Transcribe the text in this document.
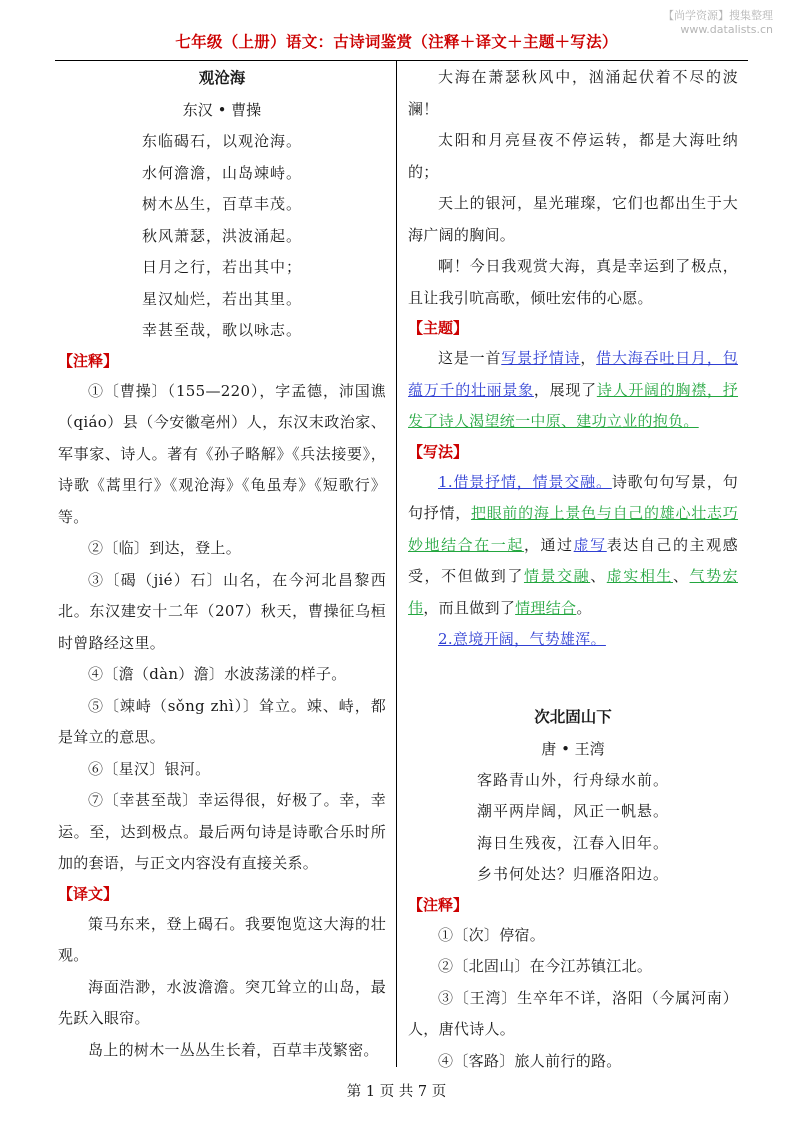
【尚学资源】搜集整理
www.datalists.cn
七年级（上册）语文：古诗词鉴赏（注释＋译文＋主题＋写法）
观沧海
东汉 • 曹操
东临碣石，以观沧海。
水何澹澹，山岛竦峙。
树木丛生，百草丰茂。
秋风萧瑟，洪波涌起。
日月之行，若出其中；
星汉灿烂，若出其里。
幸甚至哉，歌以咏志。
【注释】

①〔曹操〕（155—220），字孟德，沛国谯（qiáo）县（今安徽亳州）人，东汉末政治家、军事家、诗人。著有《孙子略解》《兵法接要》，诗歌《蒿里行》《观沧海》《龟虽寿》《短歌行》等。

②〔临〕到达，登上。

③〔碣（jié）石〕山名，在今河北昌黎西北。东汉建安十二年（207）秋天，曹操征乌桓时曾路经这里。

④〔澹（dàn）澹〕水波荡漾的样子。

⑤〔竦峙（sǒng zhì）〕耸立。竦、峙，都是耸立的意思。

⑥〔星汉〕银河。

⑦〔幸甚至哉〕幸运得很，好极了。幸，幸运。至，达到极点。最后两句诗是诗歌合乐时所加的套语，与正文内容没有直接关系。

【译文】

策马东来，登上碣石。我要饱览这大海的壮观。

海面浩渺，水波澹澹。突兀耸立的山岛，最先跃入眼帘。

岛上的树木一丛丛生长着，百草丰茂繁密。

大海在萧瑟秋风中，汹涌起伏着不尽的波澜！

太阳和月亮昼夜不停运转，都是大海吐纳的；

天上的银河，星光璀璨，它们也都出生于大海广阔的胸间。

啊！今日我观赏大海，真是幸运到了极点，且让我引吭高歌，倾吐宏伟的心愿。

【主题】

这是一首写景抒情诗，借大海吞吐日月，包蕴万千的壮丽景象，展现了诗人开阔的胸襟，抒发了诗人渴望统一中原、建功立业的抱负。

【写法】

1.借景抒情，情景交融。诗歌句句写景，句句抒情，把眼前的海上景色与自己的雄心壮志巧妙地结合在一起，通过虚写表达自己的主观感受，不但做到了情景交融、虚实相生、气势宏伟，而且做到了情理结合。

2.意境开阔，气势雄浑。

次北固山下
唐 • 王湾
客路青山外，行舟绿水前。
潮平两岸阔，风正一帆悬。
海日生残夜，江春入旧年。
乡书何处达？归雁洛阳边。
【注释】

①〔次〕停宿。

②〔北固山〕在今江苏镇江北。

③〔王湾〕生卒年不详，洛阳（今属河南）人，唐代诗人。

④〔客路〕旅人前行的路。

第 1 页 共 7 页
